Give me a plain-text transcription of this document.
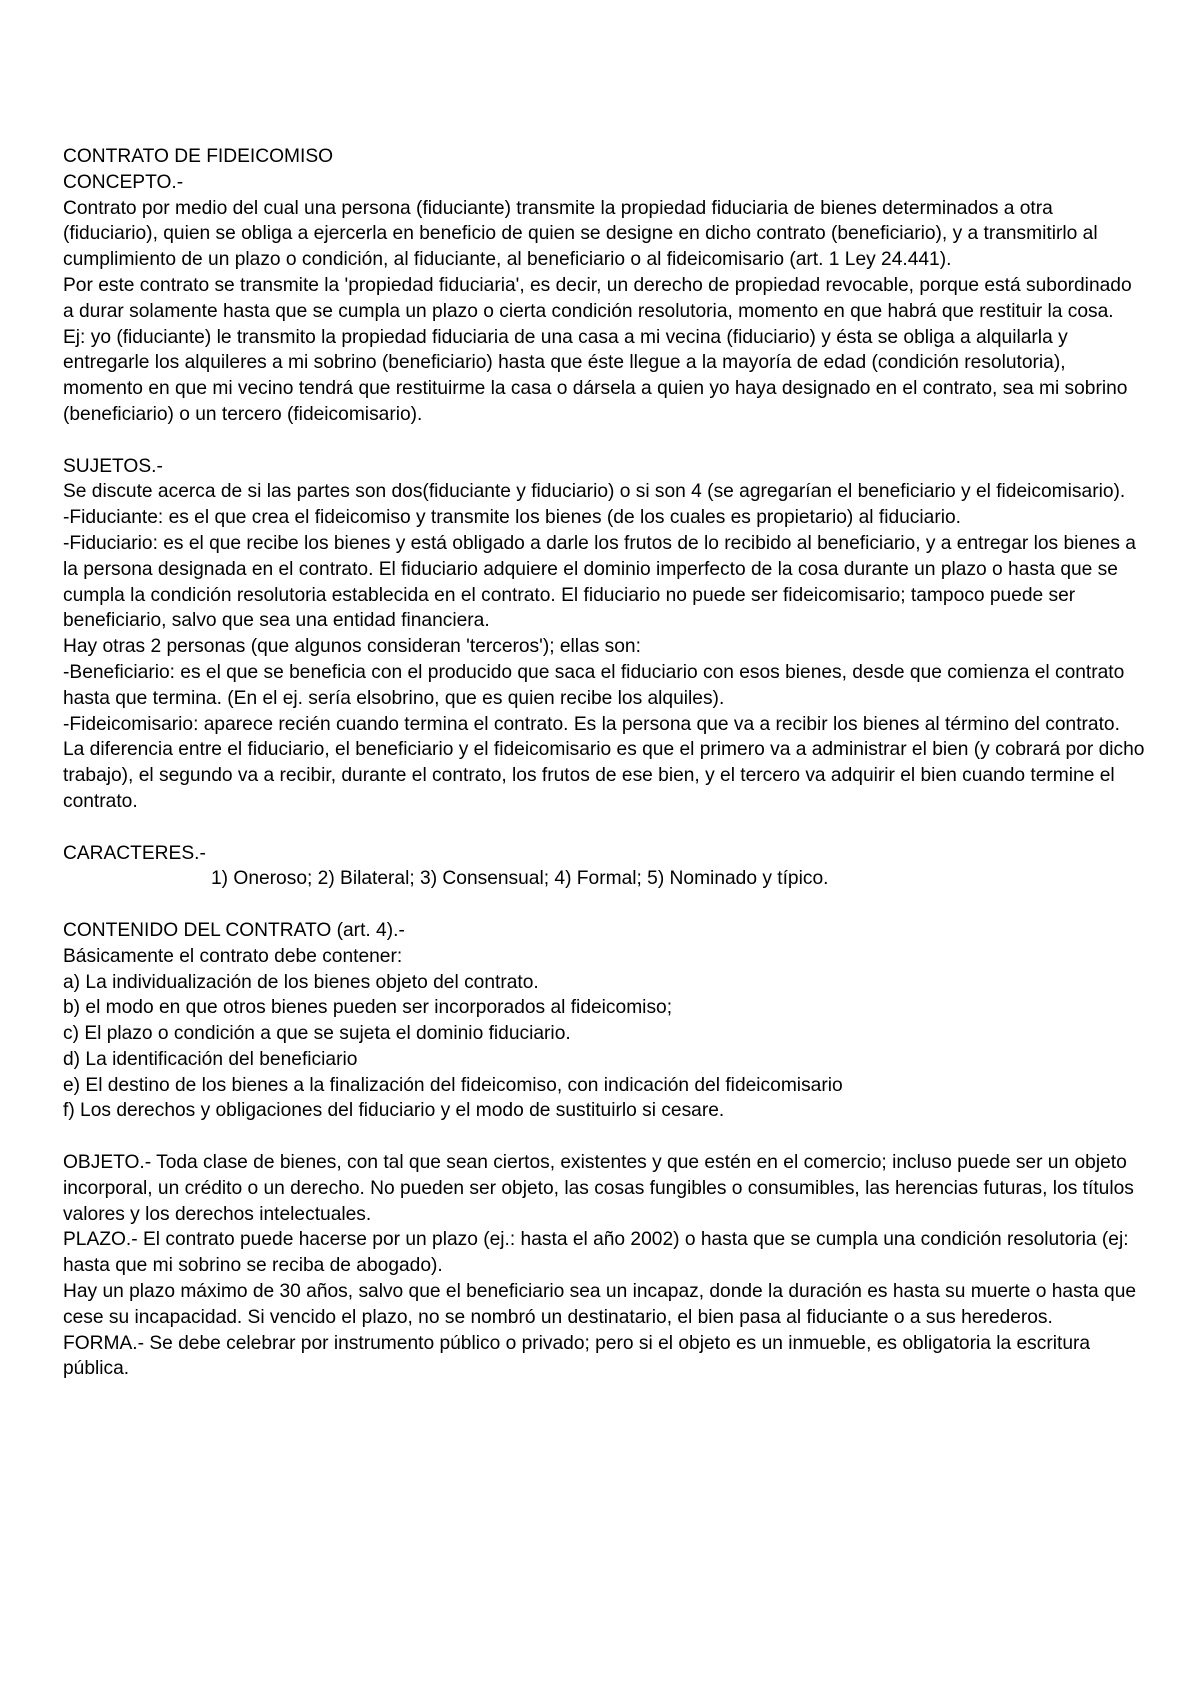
CONTRATO DE FIDEICOMISO

CONCEPTO.-

Contrato por medio del cual una persona (fiduciante) transmite la propiedad fiduciaria de bienes determinados a otra (fiduciario), quien se obliga a ejercerla en beneficio de quien se designe en dicho contrato (beneficiario), y a transmitirlo al cumplimiento de un plazo o condición, al fiduciante, al beneficiario o al fideicomisario (art. 1 Ley 24.441).

Por este contrato se transmite la 'propiedad fiduciaria', es decir, un derecho de propiedad revocable, porque está subordinado a durar solamente hasta que se cumpla un plazo o cierta condición resolutoria, momento en que habrá que restituir la cosa.

Ej: yo (fiduciante) le transmito la propiedad fiduciaria de una casa a mi vecina (fiduciario) y ésta se obliga a alquilarla y entregarle los alquileres a mi sobrino (beneficiario) hasta que éste llegue a la mayoría de edad (condición resolutoria), momento en que mi vecino tendrá que restituirme la casa o dársela a quien yo haya designado en el contrato, sea mi sobrino (beneficiario) o un tercero (fideicomisario).

SUJETOS.-

Se discute acerca de si las partes son dos(fiduciante y fiduciario) o si son 4 (se agregarían el beneficiario y el fideicomisario).

-Fiduciante: es el que crea el fideicomiso y transmite los bienes (de los cuales es propietario) al fiduciario.

-Fiduciario: es el que recibe los bienes y está obligado a darle los frutos de lo recibido al beneficiario, y a entregar los bienes a la persona designada en el contrato. El fiduciario adquiere el dominio imperfecto de la cosa durante un plazo o hasta que se cumpla la condición resolutoria establecida en el contrato. El fiduciario no puede ser fideicomisario; tampoco puede ser beneficiario, salvo que sea una entidad financiera.

Hay otras 2 personas (que algunos consideran 'terceros'); ellas son:

-Beneficiario: es el que se beneficia con el producido que saca el fiduciario con esos bienes, desde que comienza el contrato hasta que termina. (En el ej. sería elsobrino, que es quien recibe los alquiles).

-Fideicomisario: aparece recién cuando termina el contrato. Es la persona que va a recibir los bienes al término del contrato. La diferencia entre el fiduciario, el beneficiario y el fideicomisario es que el primero va a administrar el bien (y cobrará por dicho trabajo), el segundo va a recibir, durante el contrato, los frutos de ese bien, y el tercero va adquirir el bien cuando termine el contrato.

CARACTERES.-

1) Oneroso; 2) Bilateral; 3) Consensual; 4) Formal; 5) Nominado y típico.

CONTENIDO DEL CONTRATO (art. 4).-

Básicamente el contrato debe contener:

a) La individualización de los bienes objeto del contrato.

b) el modo en que otros bienes pueden ser incorporados al fideicomiso;

c) El plazo o condición a que se sujeta el dominio fiduciario.

d) La identificación del beneficiario

e) El destino de los bienes a la finalización del fideicomiso, con indicación del fideicomisario

f) Los derechos y obligaciones del fiduciario y el modo de sustituirlo si cesare.

OBJETO.- Toda clase de bienes, con tal que sean ciertos, existentes y que estén en el comercio; incluso puede ser un objeto incorporal, un crédito o un derecho. No pueden ser objeto, las cosas fungibles o consumibles, las herencias futuras, los títulos valores y los derechos intelectuales.

PLAZO.- El contrato puede hacerse por un plazo (ej.: hasta el año 2002) o hasta que se cumpla una condición resolutoria (ej: hasta que mi sobrino se reciba de abogado).

Hay un plazo máximo de 30 años, salvo que el beneficiario sea un incapaz, donde la duración es hasta su muerte o hasta que cese su incapacidad. Si vencido el plazo, no se nombró un destinatario, el bien pasa al fiduciante o a sus herederos.

FORMA.- Se debe celebrar por instrumento público o privado; pero si el objeto es un inmueble, es obligatoria la escritura pública.
